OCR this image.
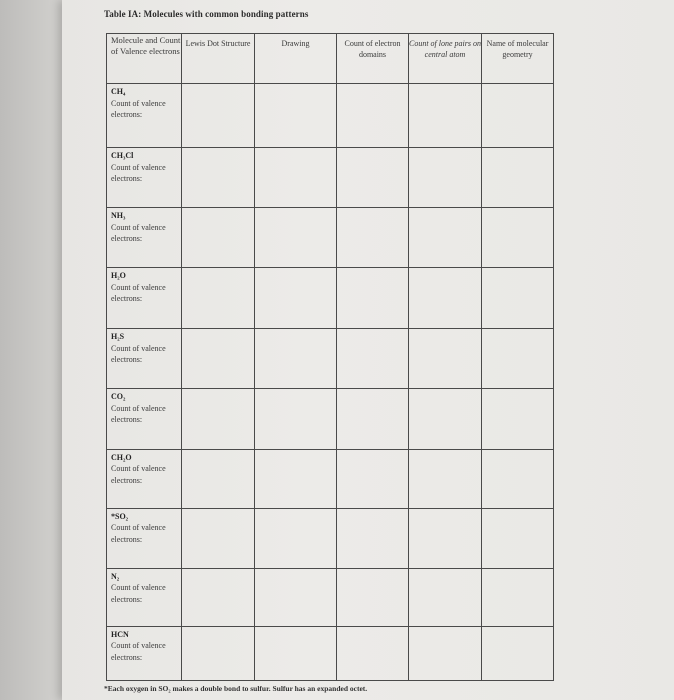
Table IA: Molecules with common bonding patterns
Molecule and Count of Valence electrons	Lewis Dot Structure	Drawing	Count of electron domains	Count of lone pairs on central atom	Name of molecular geometry
CH₄
Count of valence electrons:					

CH₃Cl
Count of valence electrons:					

NH₃
Count of valence electrons:					

H₂O
Count of valence electrons:					

H₂S
Count of valence electrons:					

CO₂
Count of valence electrons:					

CH₂O
Count of valence electrons:					

*SO₂
Count of valence electrons:					

N₂
Count of valence electrons:					

HCN
Count of valence electrons:					

*Each oxygen in SO₂ makes a double bond to sulfur. Sulfur has an expanded octet.
